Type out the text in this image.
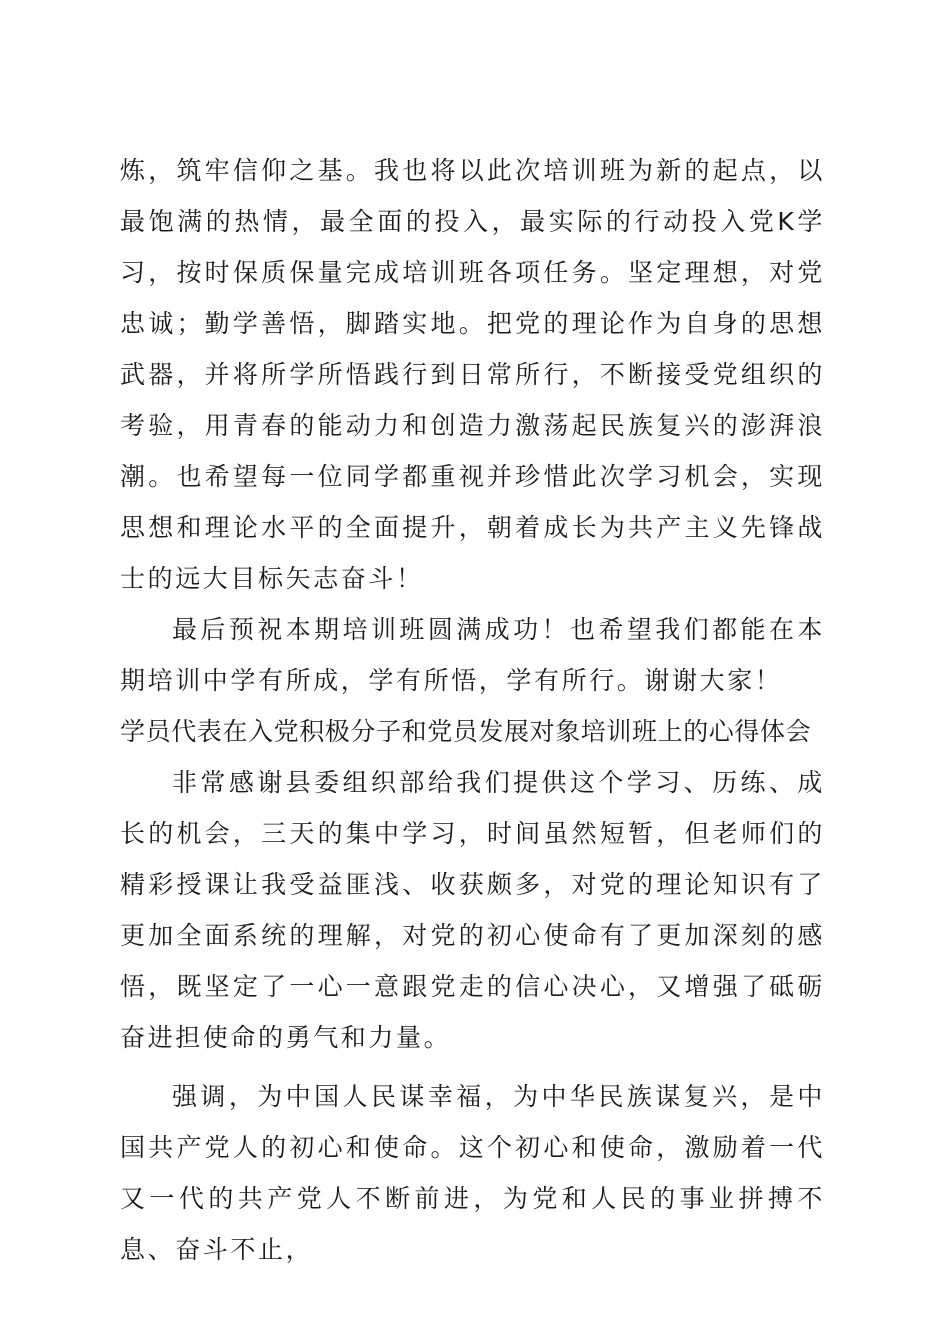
炼，筑牢信仰之基。我也将以此次培训班为新的起点，以最饱满的热情，最全面的投入，最实际的行动投入党K学习，按时保质保量完成培训班各项任务。坚定理想，对党忠诚；勤学善悟，脚踏实地。把党的理论作为自身的思想武器，并将所学所悟践行到日常所行，不断接受党组织的考验，用青春的能动力和创造力激荡起民族复兴的澎湃浪潮。也希望每一位同学都重视并珍惜此次学习机会，实现思想和理论水平的全面提升，朝着成长为共产主义先锋战士的远大目标矢志奋斗！

最后预祝本期培训班圆满成功！也希望我们都能在本期培训中学有所成，学有所悟，学有所行。谢谢大家！

学员代表在入党积极分子和党员发展对象培训班上的心得体会

非常感谢县委组织部给我们提供这个学习、历练、成长的机会，三天的集中学习，时间虽然短暂，但老师们的精彩授课让我受益匪浅、收获颇多，对党的理论知识有了更加全面系统的理解，对党的初心使命有了更加深刻的感悟，既坚定了一心一意跟党走的信心决心，又增强了砥砺奋进担使命的勇气和力量。

强调，为中国人民谋幸福，为中华民族谋复兴，是中国共产党人的初心和使命。这个初心和使命，激励着一代又一代的共产党人不断前进，为党和人民的事业拼搏不息、奋斗不止，
